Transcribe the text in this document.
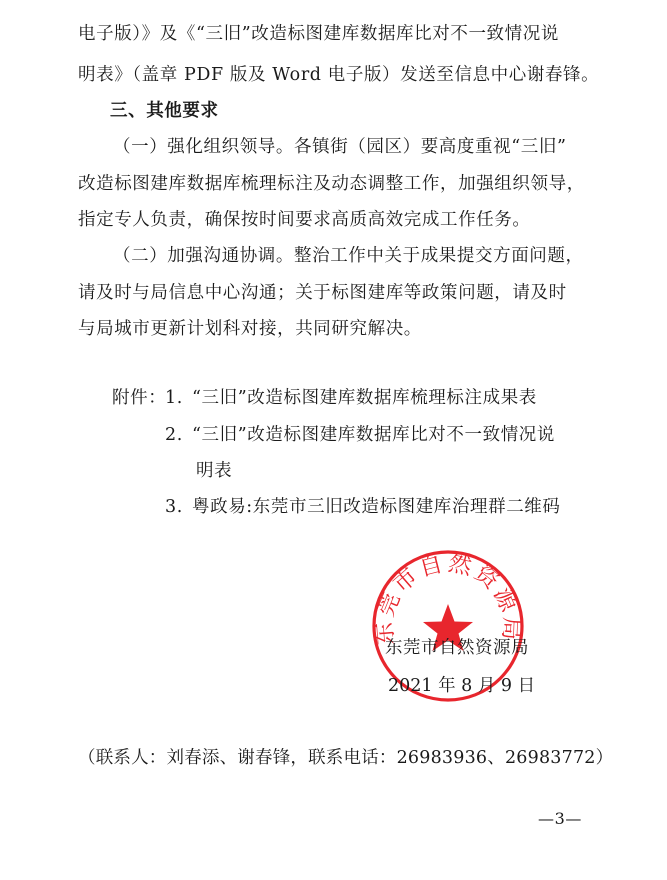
电子版）》及《“三旧”改造标图建库数据库比对不一致情况说
明表》（盖章 PDF 版及 Word 电子版）发送至信息中心谢春锋。
三、其他要求
（一）强化组织领导。各镇街（园区）要高度重视“三旧”
改造标图建库数据库梳理标注及动态调整工作，加强组织领导，
指定专人负责，确保按时间要求高质高效完成工作任务。
（二）加强沟通协调。整治工作中关于成果提交方面问题，
请及时与局信息中心沟通；关于标图建库等政策问题，请及时
与局城市更新计划科对接，共同研究解决。
附件：
1. “三旧”改造标图建库数据库梳理标注成果表
2. “三旧”改造标图建库数据库比对不一致情况说
明表
3. 粤政易:东莞市三旧改造标图建库治理群二维码
东莞市自然资源局
东莞市自然资源局
2021 年 8 月 9 日
（联系人：刘春添、谢春锋，联系电话：26983936、26983772）
—3—
